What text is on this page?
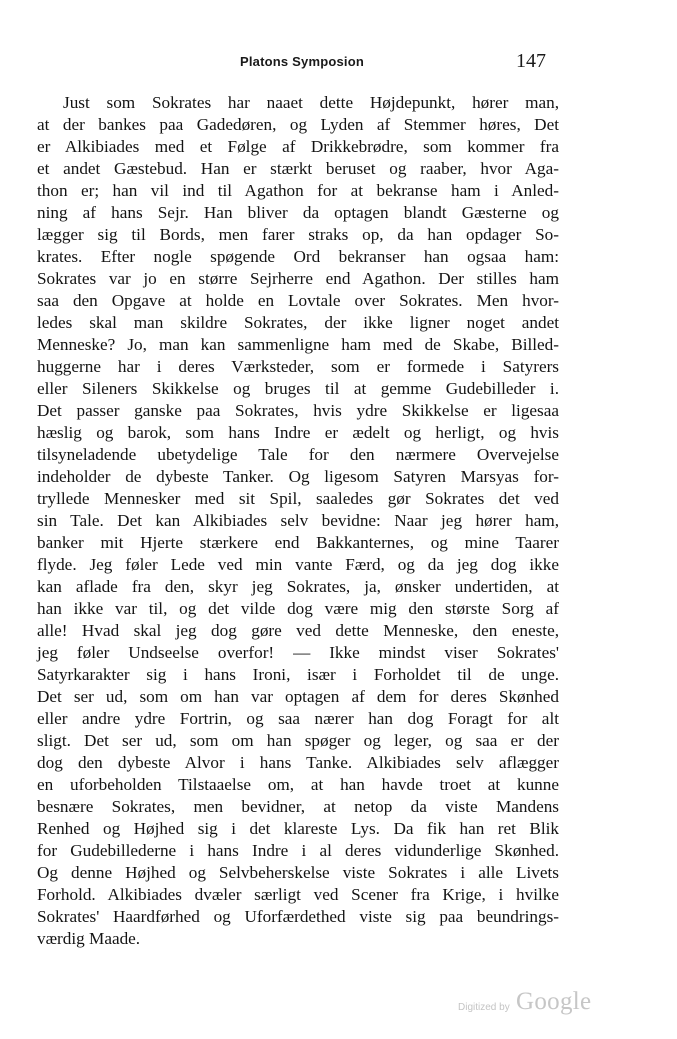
Platons Symposion	147
Just som Sokrates har naaet dette Højdepunkt, hører man,
at der bankes paa Gadedøren, og Lyden af Stemmer høres, Det
er Alkibiades med et Følge af Drikkebrødre, som kommer fra
et andet Gæstebud. Han er stærkt beruset og raaber, hvor Aga-
thon er; han vil ind til Agathon for at bekranse ham i Anled-
ning af hans Sejr. Han bliver da optagen blandt Gæsterne og
lægger sig til Bords, men farer straks op, da han opdager So-
krates. Efter nogle spøgende Ord bekranser han ogsaa ham:
Sokrates var jo en større Sejrherre end Agathon. Der stilles ham
saa den Opgave at holde en Lovtale over Sokrates. Men hvor-
ledes skal man skildre Sokrates, der ikke ligner noget andet
Menneske? Jo, man kan sammenligne ham med de Skabe, Billed-
huggerne har i deres Værksteder, som er formede i Satyrers
eller Sileners Skikkelse og bruges til at gemme Gudebilleder i.
Det passer ganske paa Sokrates, hvis ydre Skikkelse er ligesaa
hæslig og barok, som hans Indre er ædelt og herligt, og hvis
tilsyneladende ubetydelige Tale for den nærmere Overvejelse
indeholder de dybeste Tanker. Og ligesom Satyren Marsyas for-
tryllede Mennesker med sit Spil, saaledes gør Sokrates det ved
sin Tale. Det kan Alkibiades selv bevidne: Naar jeg hører ham,
banker mit Hjerte stærkere end Bakkanternes, og mine Taarer
flyde. Jeg føler Lede ved min vante Færd, og da jeg dog ikke
kan aflade fra den, skyr jeg Sokrates, ja, ønsker undertiden, at
han ikke var til, og det vilde dog være mig den største Sorg af
alle! Hvad skal jeg dog gøre ved dette Menneske, den eneste,
jeg føler Undseelse overfor! — Ikke mindst viser Sokrates'
Satyrkarakter sig i hans Ironi, især i Forholdet til de unge.
Det ser ud, som om han var optagen af dem for deres Skønhed
eller andre ydre Fortrin, og saa nærer han dog Foragt for alt
sligt. Det ser ud, som om han spøger og leger, og saa er der
dog den dybeste Alvor i hans Tanke. Alkibiades selv aflægger
en uforbeholden Tilstaaelse om, at han havde troet at kunne
besnære Sokrates, men bevidner, at netop da viste Mandens
Renhed og Højhed sig i det klareste Lys. Da fik han ret Blik
for Gudebillederne i hans Indre i al deres vidunderlige Skønhed.
Og denne Højhed og Selvbeherskelse viste Sokrates i alle Livets
Forhold. Alkibiades dvæler særligt ved Scener fra Krige, i hvilke
Sokrates' Haardførhed og Uforfærdethed viste sig paa beundrings-
værdig Maade.
Digitized by Google
